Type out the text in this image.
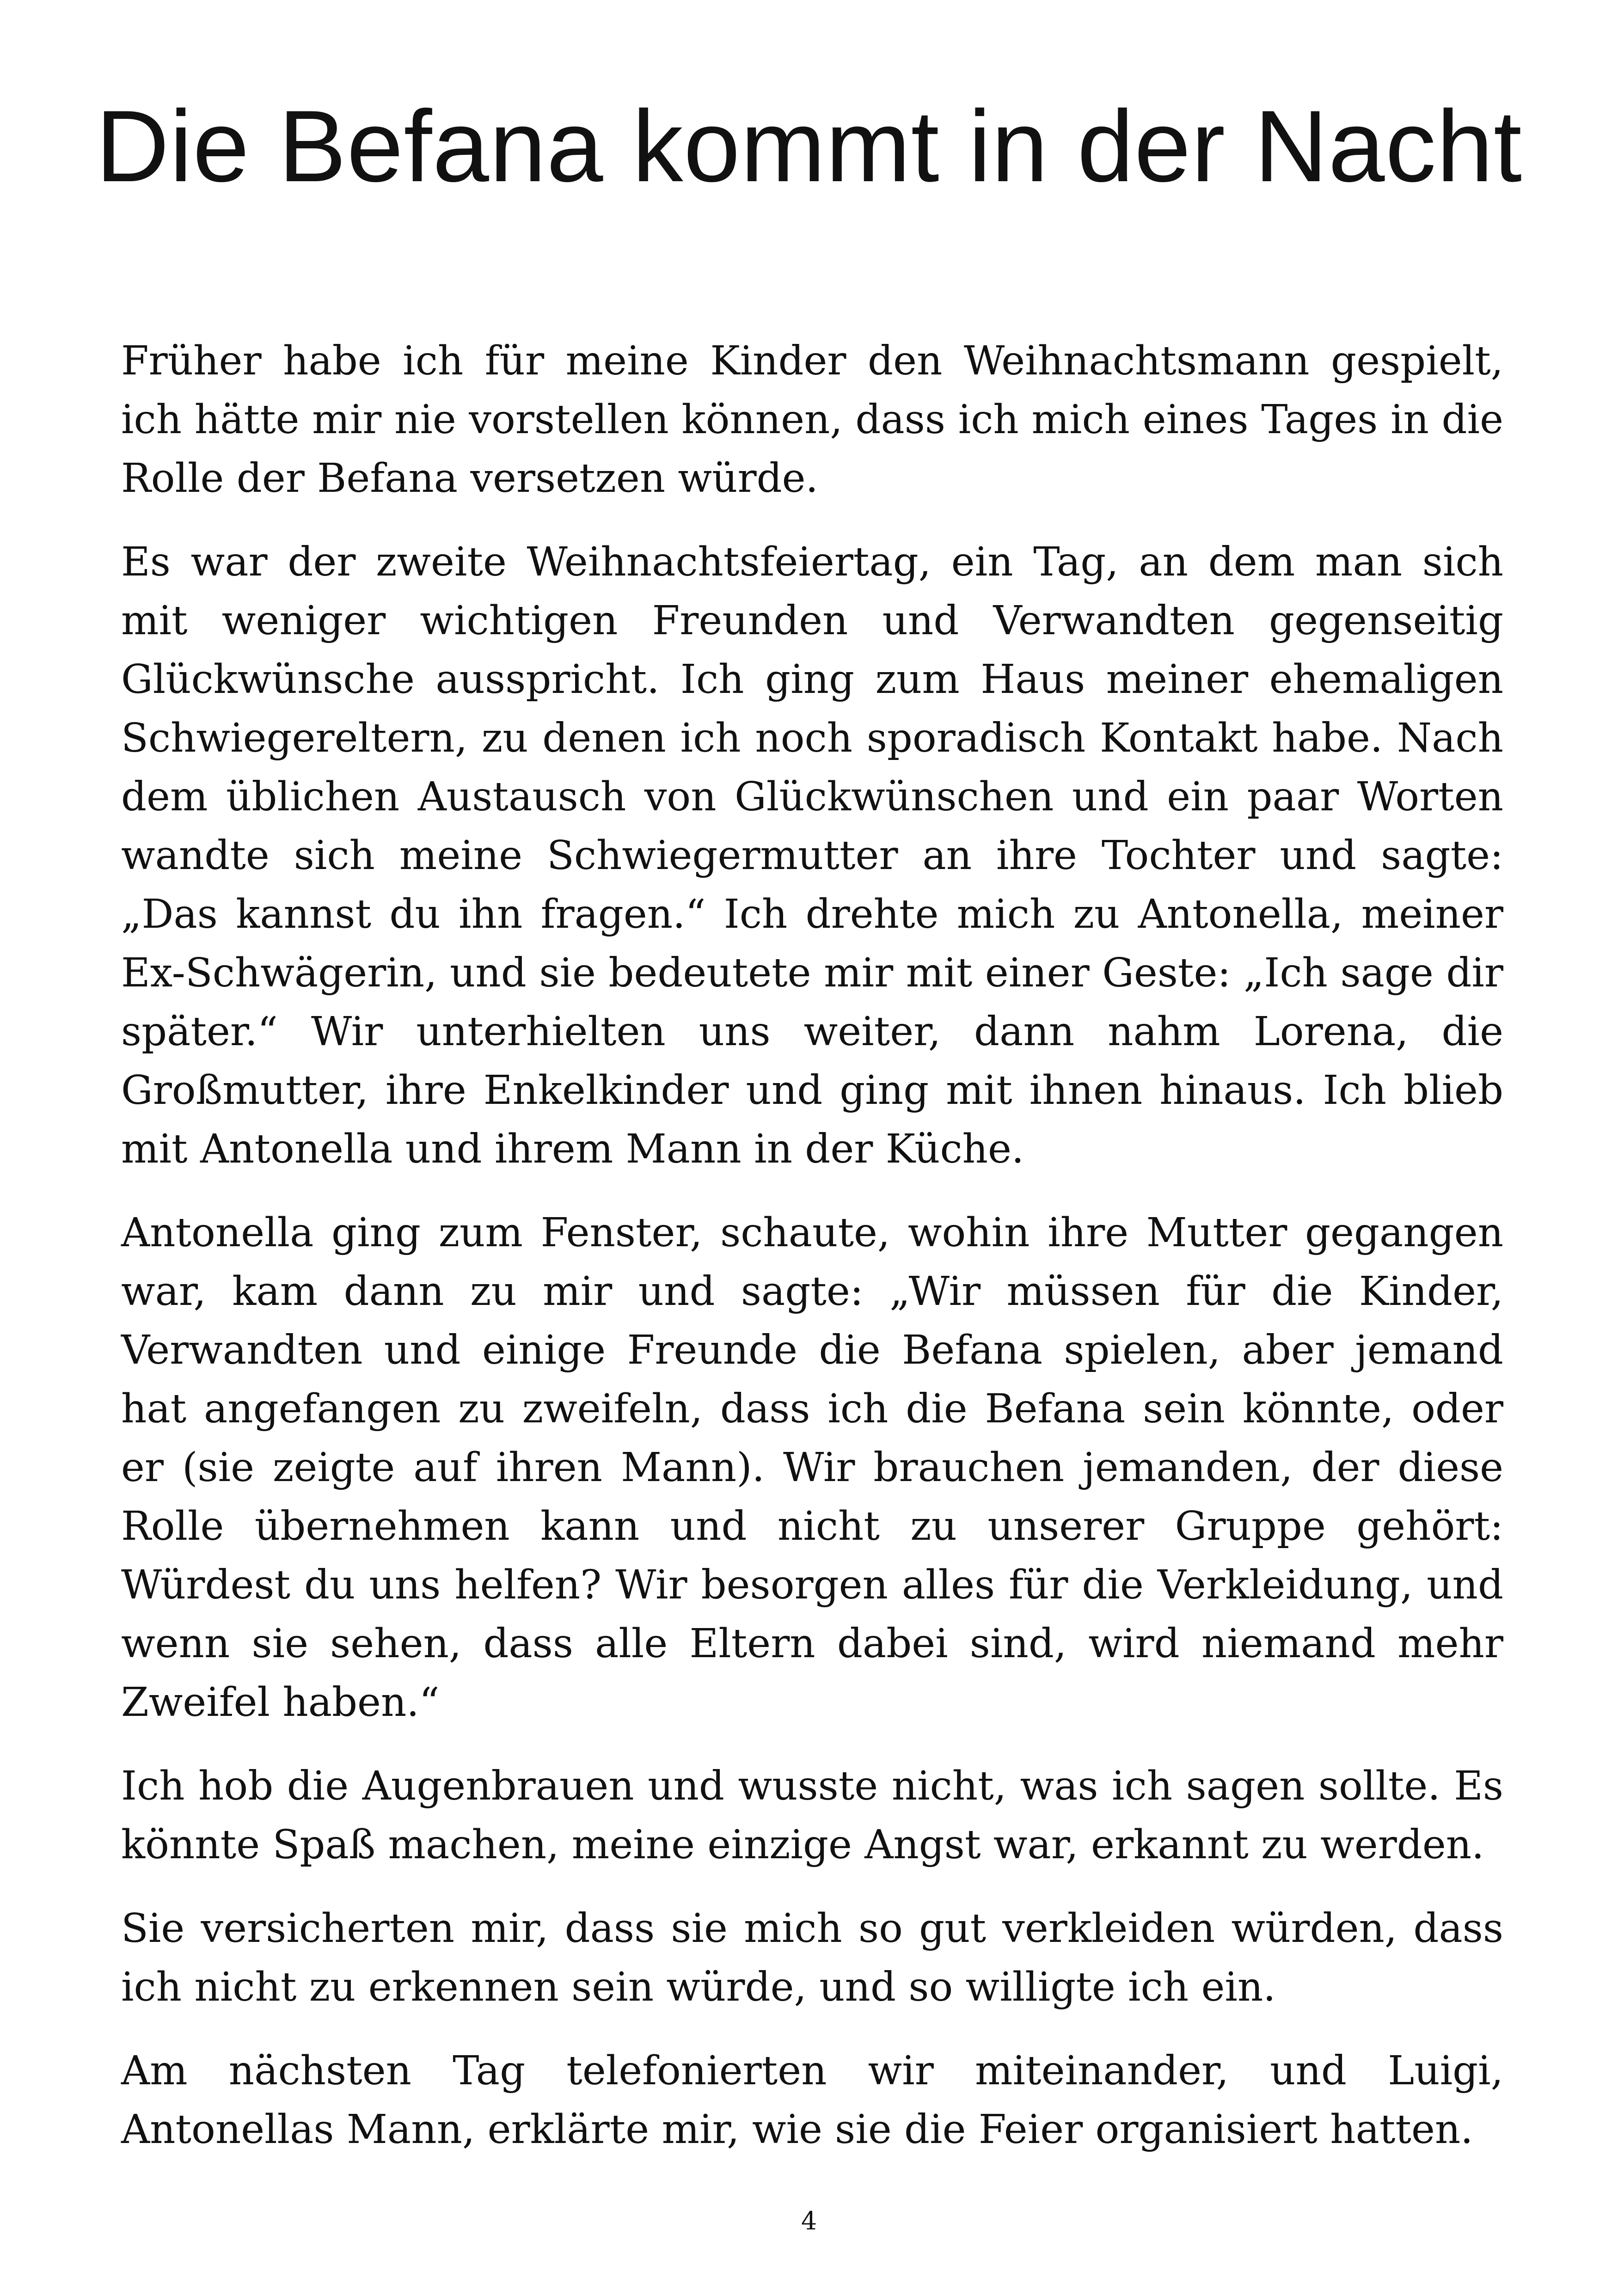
Die Befana kommt in der Nacht

Früher habe ich für meine Kinder den Weihnachtsmann gespielt, ich hätte mir nie vorstellen können, dass ich mich eines Tages in die Rolle der Befana versetzen würde.

Es war der zweite Weihnachtsfeiertag, ein Tag, an dem man sich mit weniger wichtigen Freunden und Verwandten gegenseitig Glückwünsche ausspricht. Ich ging zum Haus meiner ehemaligen Schwiegereltern, zu denen ich noch sporadisch Kontakt habe. Nach dem üblichen Austausch von Glückwünschen und ein paar Worten wandte sich meine Schwiegermutter an ihre Tochter und sagte: „Das kannst du ihn fragen.“ Ich drehte mich zu Antonella, meiner Ex-Schwägerin, und sie bedeutete mir mit einer Geste: „Ich sage dir später.“ Wir unterhielten uns weiter, dann nahm Lorena, die Großmutter, ihre Enkelkinder und ging mit ihnen hinaus. Ich blieb mit Antonella und ihrem Mann in der Küche.

Antonella ging zum Fenster, schaute, wohin ihre Mutter gegangen war, kam dann zu mir und sagte: „Wir müssen für die Kinder, Verwandten und einige Freunde die Befana spielen, aber jemand hat angefangen zu zweifeln, dass ich die Befana sein könnte, oder er (sie zeigte auf ihren Mann). Wir brauchen jemanden, der diese Rolle übernehmen kann und nicht zu unserer Gruppe gehört: Würdest du uns helfen? Wir besorgen alles für die Verkleidung, und wenn sie sehen, dass alle Eltern dabei sind, wird niemand mehr Zweifel haben.“

Ich hob die Augenbrauen und wusste nicht, was ich sagen sollte. Es könnte Spaß machen, meine einzige Angst war, erkannt zu werden.

Sie versicherten mir, dass sie mich so gut verkleiden würden, dass ich nicht zu erkennen sein würde, und so willigte ich ein.

Am nächsten Tag telefonierten wir miteinander, und Luigi, Antonellas Mann, erklärte mir, wie sie die Feier organisiert hatten.

4
